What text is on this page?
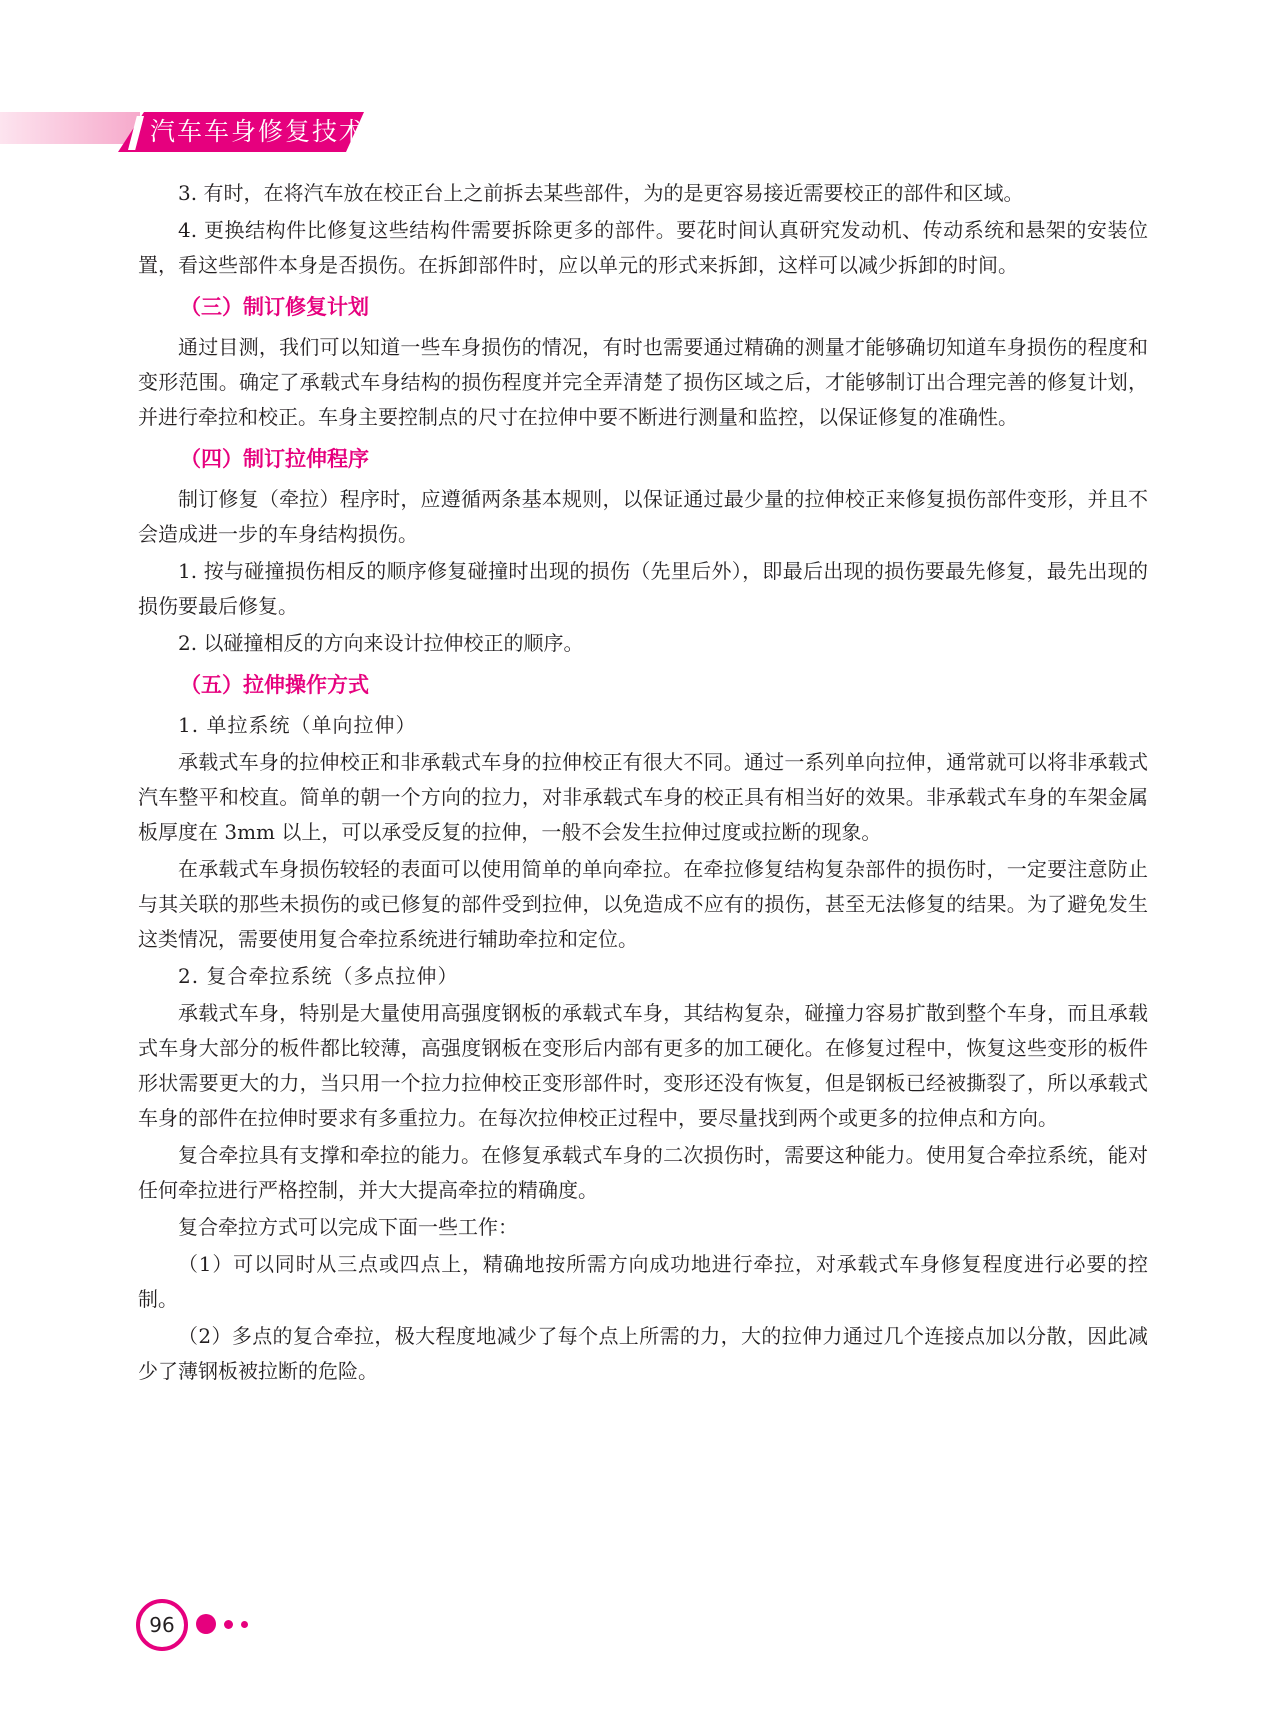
汽车车身修复技术

3. 有时，在将汽车放在校正台上之前拆去某些部件，为的是更容易接近需要校正的部件和区域。

4. 更换结构件比修复这些结构件需要拆除更多的部件。要花时间认真研究发动机、传动系统和悬架的安装位置，看这些部件本身是否损伤。在拆卸部件时，应以单元的形式来拆卸，这样可以减少拆卸的时间。

（三）制订修复计划

通过目测，我们可以知道一些车身损伤的情况，有时也需要通过精确的测量才能够确切知道车身损伤的程度和变形范围。确定了承载式车身结构的损伤程度并完全弄清楚了损伤区域之后，才能够制订出合理完善的修复计划，并进行牵拉和校正。车身主要控制点的尺寸在拉伸中要不断进行测量和监控，以保证修复的准确性。

（四）制订拉伸程序

制订修复（牵拉）程序时，应遵循两条基本规则，以保证通过最少量的拉伸校正来修复损伤部件变形，并且不会造成进一步的车身结构损伤。

1. 按与碰撞损伤相反的顺序修复碰撞时出现的损伤（先里后外），即最后出现的损伤要最先修复，最先出现的损伤要最后修复。

2. 以碰撞相反的方向来设计拉伸校正的顺序。

（五）拉伸操作方式

1. 单拉系统（单向拉伸）

承载式车身的拉伸校正和非承载式车身的拉伸校正有很大不同。通过一系列单向拉伸，通常就可以将非承载式汽车整平和校直。简单的朝一个方向的拉力，对非承载式车身的校正具有相当好的效果。非承载式车身的车架金属板厚度在 3mm 以上，可以承受反复的拉伸，一般不会发生拉伸过度或拉断的现象。

在承载式车身损伤较轻的表面可以使用简单的单向牵拉。在牵拉修复结构复杂部件的损伤时，一定要注意防止与其关联的那些未损伤的或已修复的部件受到拉伸，以免造成不应有的损伤，甚至无法修复的结果。为了避免发生这类情况，需要使用复合牵拉系统进行辅助牵拉和定位。

2. 复合牵拉系统（多点拉伸）

承载式车身，特别是大量使用高强度钢板的承载式车身，其结构复杂，碰撞力容易扩散到整个车身，而且承载式车身大部分的板件都比较薄，高强度钢板在变形后内部有更多的加工硬化。在修复过程中，恢复这些变形的板件形状需要更大的力，当只用一个拉力拉伸校正变形部件时，变形还没有恢复，但是钢板已经被撕裂了，所以承载式车身的部件在拉伸时要求有多重拉力。在每次拉伸校正过程中，要尽量找到两个或更多的拉伸点和方向。

复合牵拉具有支撑和牵拉的能力。在修复承载式车身的二次损伤时，需要这种能力。使用复合牵拉系统，能对任何牵拉进行严格控制，并大大提高牵拉的精确度。

复合牵拉方式可以完成下面一些工作：

（1）可以同时从三点或四点上，精确地按所需方向成功地进行牵拉，对承载式车身修复程度进行必要的控制。

（2）多点的复合牵拉，极大程度地减少了每个点上所需的力，大的拉伸力通过几个连接点加以分散，因此减少了薄钢板被拉断的危险。

96
